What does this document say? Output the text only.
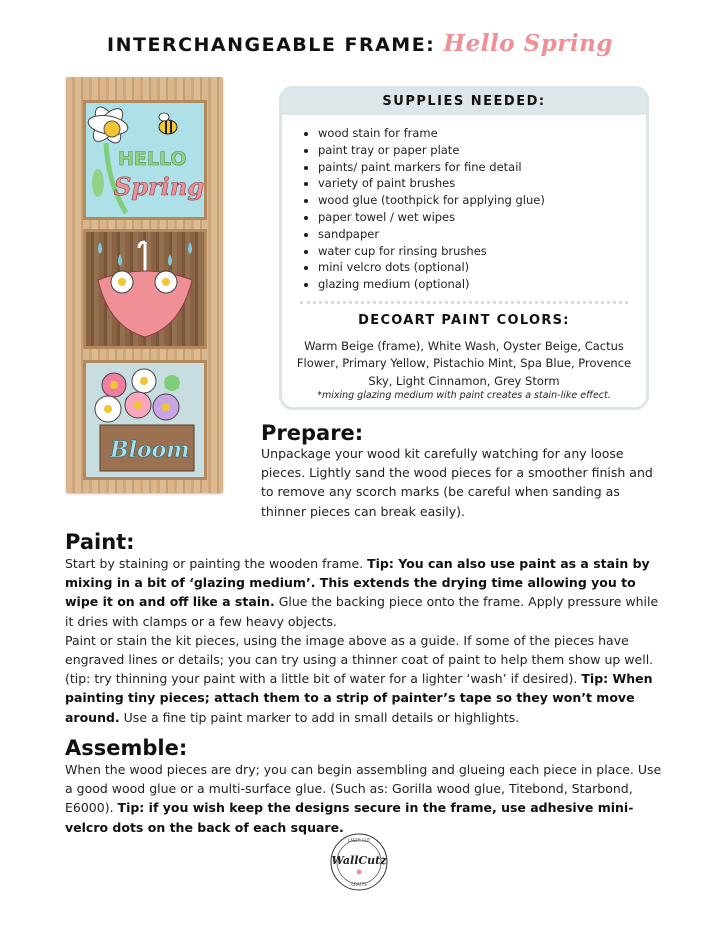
INTERCHANGEABLE FRAME: Hello Spring
HELLO
Spring
Bloom
SUPPLIES NEEDED:
• wood stain for frame
• paint tray or paper plate
• paints/ paint markers for fine detail
• variety of paint brushes
• wood glue (toothpick for applying glue)
• paper towel / wet wipes
• sandpaper
• water cup for rinsing brushes
• mini velcro dots (optional)
• glazing medium (optional)
DECOART PAINT COLORS:
Warm Beige (frame), White Wash, Oyster Beige, Cactus Flower, Primary Yellow, Pistachio Mint, Spa Blue, Provence Sky, Light Cinnamon, Grey Storm
*mixing glazing medium with paint creates a stain-like effect.
Prepare:

Unpackage your wood kit carefully watching for any loose pieces. Lightly sand the wood pieces for a smoother finish and to remove any scorch marks (be careful when sanding as thinner pieces can break easily).

Paint:
Start by staining or painting the wooden frame. Tip: You can also use paint as a stain by mixing in a bit of ‘glazing medium’. This extends the drying time allowing you to wipe it on and off like a stain. Glue the backing piece onto the frame. Apply pressure while it dries with clamps or a few heavy objects.
Paint or stain the kit pieces, using the image above as a guide. If some of the pieces have engraved lines or details; you can try using a thinner coat of paint to help them show up well. (tip: try thinning your paint with a little bit of water for a lighter ‘wash’ if desired). Tip: When painting tiny pieces; attach them to a strip of painter’s tape so they won’t move around. Use a fine tip paint marker to add in small details or highlights.
Assemble:
When the wood pieces are dry; you can begin assembling and glueing each piece in place. Use a good wood glue or a multi-surface glue. (Such as: Gorilla wood glue, Titebond, Starbond, E6000). Tip: if you wish keep the designs secure in the frame, use adhesive mini-velcro dots on the back of each square.
LASER CUT
WallCutz
CRAFTS
